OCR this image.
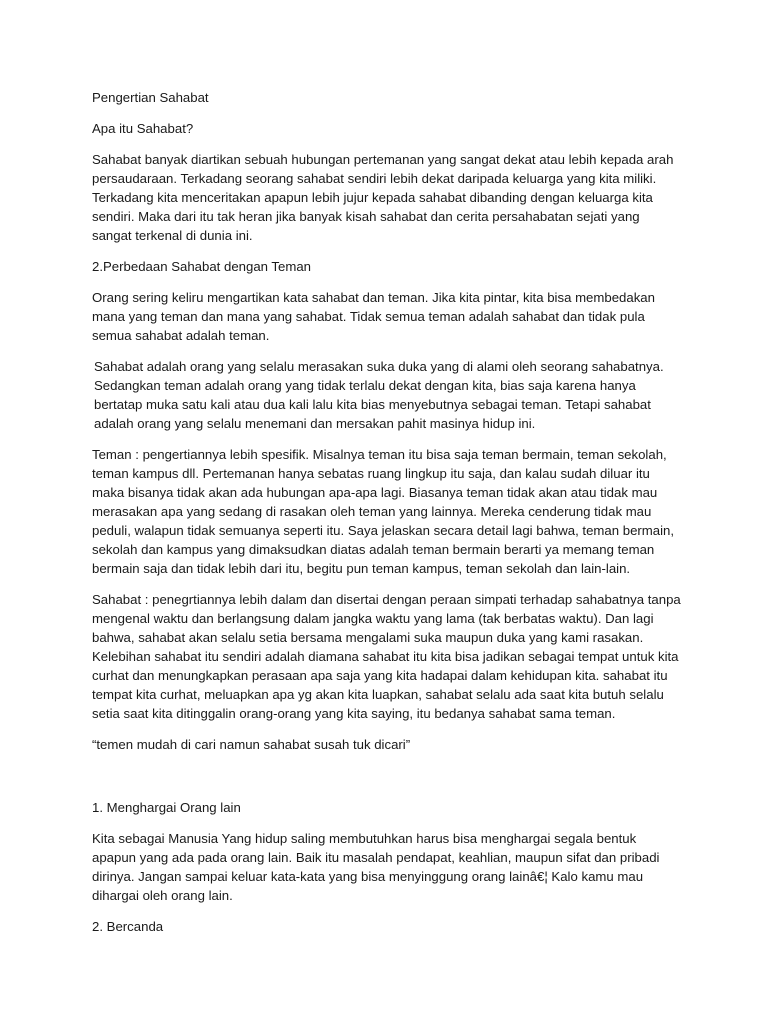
Pengertian Sahabat

Apa itu Sahabat?

Sahabat banyak diartikan sebuah hubungan pertemanan yang sangat dekat atau lebih kepada arah persaudaraan. Terkadang seorang sahabat sendiri lebih dekat daripada keluarga yang kita miliki. Terkadang kita menceritakan apapun lebih jujur kepada sahabat dibanding dengan keluarga kita sendiri. Maka dari itu tak heran jika banyak kisah sahabat dan cerita persahabatan sejati yang sangat terkenal di dunia ini.

2.Perbedaan Sahabat dengan Teman

Orang sering keliru mengartikan kata sahabat dan teman. Jika kita pintar, kita bisa membedakan mana yang teman dan mana yang sahabat. Tidak semua teman adalah sahabat dan tidak pula semua sahabat adalah teman.

Sahabat adalah orang yang selalu merasakan suka duka yang di alami oleh seorang sahabatnya. Sedangkan teman adalah orang yang tidak terlalu dekat dengan kita, bias saja karena hanya bertatap muka satu kali atau dua kali lalu kita bias menyebutnya sebagai teman. Tetapi sahabat adalah orang yang selalu menemani dan mersakan pahit masinya hidup ini.

Teman : pengertiannya lebih spesifik. Misalnya teman itu bisa saja teman bermain, teman sekolah, teman kampus dll. Pertemanan hanya sebatas ruang lingkup itu saja, dan kalau sudah diluar itu maka bisanya tidak akan ada hubungan apa-apa lagi. Biasanya teman tidak akan atau tidak mau merasakan apa yang sedang di rasakan oleh teman yang lainnya. Mereka cenderung tidak mau peduli, walapun tidak semuanya seperti itu. Saya jelaskan secara detail lagi bahwa, teman bermain, sekolah dan kampus yang dimaksudkan diatas adalah teman bermain berarti ya memang teman bermain saja dan tidak lebih dari itu, begitu pun teman kampus, teman sekolah dan lain-lain.

Sahabat : penegrtiannya lebih dalam dan disertai dengan peraan simpati terhadap sahabatnya tanpa mengenal waktu dan berlangsung dalam jangka waktu yang lama (tak berbatas waktu). Dan lagi bahwa, sahabat akan selalu setia bersama mengalami suka maupun duka yang kami rasakan. Kelebihan sahabat itu sendiri adalah diamana sahabat itu kita bisa jadikan sebagai tempat untuk kita curhat dan menungkapkan perasaan apa saja yang kita hadapai dalam kehidupan kita. sahabat itu tempat kita curhat, meluapkan apa yg akan kita luapkan, sahabat selalu ada saat kita butuh selalu setia saat kita ditinggalin orang-orang yang kita saying, itu bedanya sahabat sama teman.

“temen mudah di cari namun sahabat susah tuk dicari”

1. Menghargai Orang lain

Kita sebagai Manusia Yang hidup saling membutuhkan harus bisa menghargai segala bentuk apapun yang ada pada orang lain. Baik itu masalah pendapat, keahlian, maupun sifat dan pribadi dirinya. Jangan sampai keluar kata-kata yang bisa menyinggung orang lainâ€¦ Kalo kamu mau dihargai oleh orang lain.

2. Bercanda
